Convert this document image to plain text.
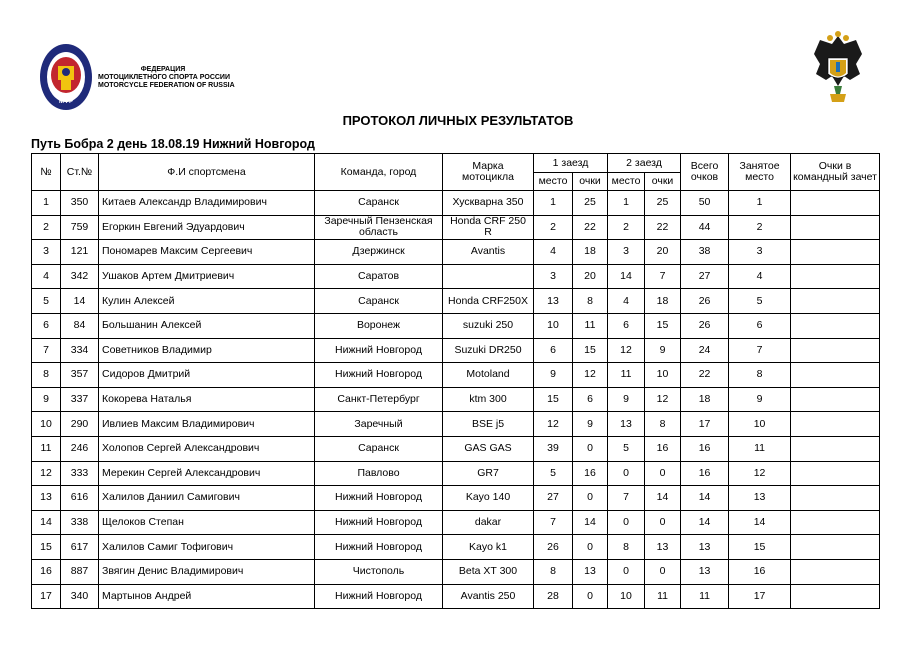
МФР
ФЕДЕРАЦИЯ
МОТОЦИКЛЕТНОГО СПОРТА РОССИИ
MOTORCYCLE FEDERATION OF RUSSIA
ПРОТОКОЛ ЛИЧНЫХ РЕЗУЛЬТАТОВ
Путь Бобра 2 день 18.08.19 Нижний Новгород
№	Ст.№	Ф.И спортсмена	Команда, город	Марка мотоцикла	1 заезд		2 заезд		Всего очков	Занятое место	Очки в командный зачет

					место	очки	место	очки			
1	350	Китаев Александр Владимирович	Саранск	Хускварна 350	1	25	1	25	50	1	
2	759	Егоркин Евгений Эдуардович	Заречный Пензенская область	Honda CRF 250 R	2	22	2	22	44	2	
3	121	Пономарев Максим Сергеевич	Дзержинск	Avantis	4	18	3	20	38	3	
4	342	Ушаков Артем Дмитриевич	Саратов		3	20	14	7	27	4	
5	14	Кулин Алексей	Саранск	Honda CRF250X	13	8	4	18	26	5	
6	84	Большанин Алексей	Воронеж	suzuki 250	10	11	6	15	26	6	
7	334	Советников Владимир	Нижний Новгород	Suzuki DR250	6	15	12	9	24	7	
8	357	Сидоров Дмитрий	Нижний Новгород	Motoland	9	12	11	10	22	8	
9	337	Кокорева Наталья	Санкт-Петербург	ktm 300	15	6	9	12	18	9	
10	290	Ивлиев Максим Владимирович	Заречный	BSE j5	12	9	13	8	17	10	
11	246	Холопов Сергей Александрович	Саранск	GAS GAS	39	0	5	16	16	11	
12	333	Мерекин Сергей Александрович	Павлово	GR7	5	16	0	0	16	12	
13	616	Халилов Даниил Самигович	Нижний Новгород	Kayo 140	27	0	7	14	14	13	
14	338	Щелоков Степан	Нижний Новгород	dakar	7	14	0	0	14	14	
15	617	Халилов Самиг Тофигович	Нижний Новгород	Kayo k1	26	0	8	13	13	15	
16	887	Звягин Денис Владимирович	Чистополь	Beta XT 300	8	13	0	0	13	16	
17	340	Мартынов Андрей	Нижний Новгород	Avantis 250	28	0	10	11	11	17	
